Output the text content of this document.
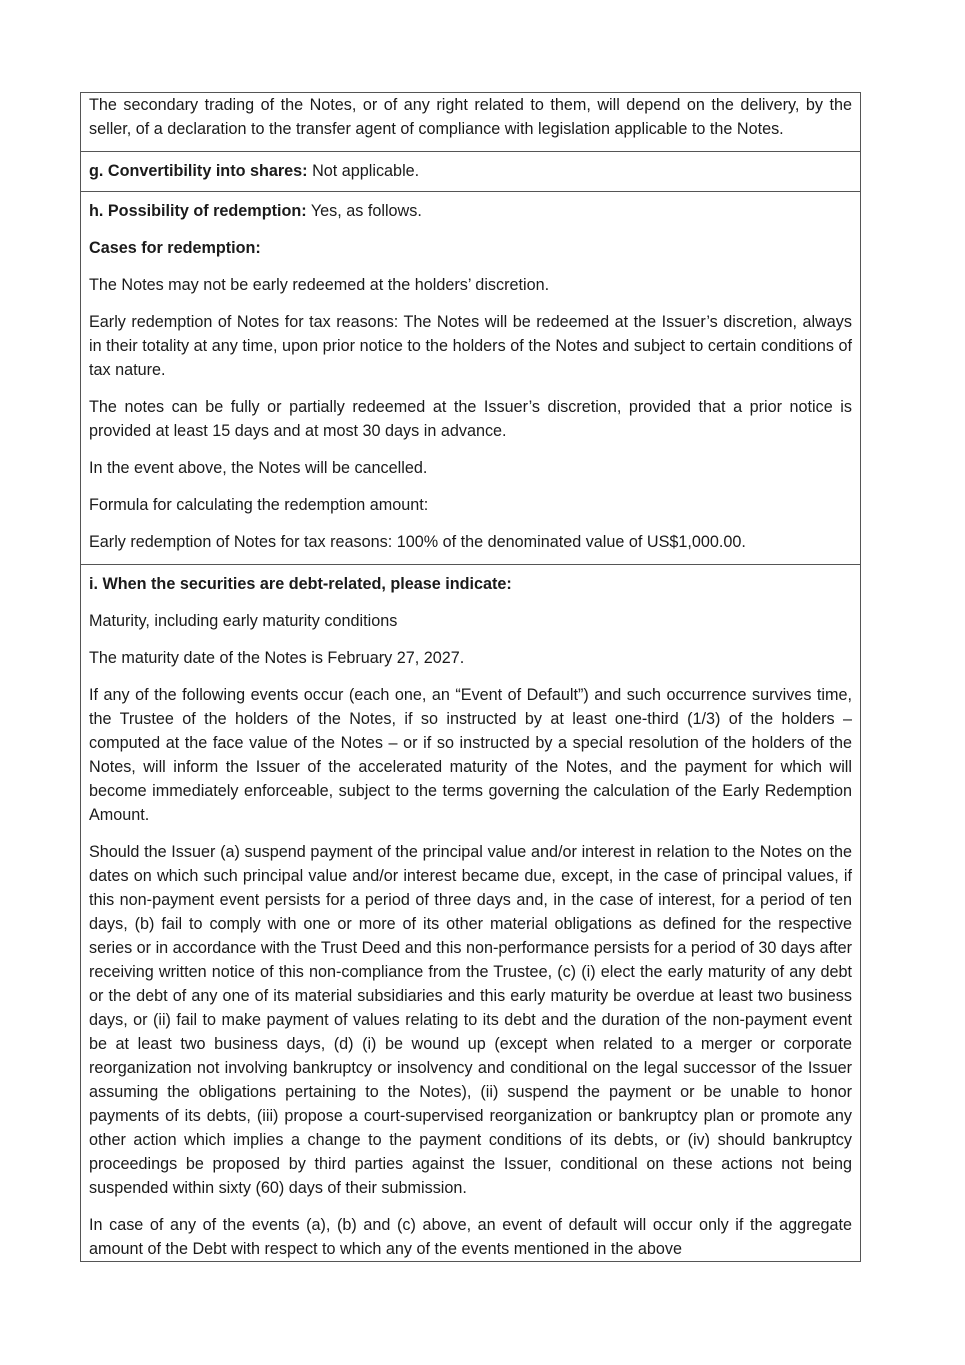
The secondary trading of the Notes, or of any right related to them, will depend on the delivery, by the seller, of a declaration to the transfer agent of compliance with legislation applicable to the Notes.

g. Convertibility into shares: Not applicable.

h. Possibility of redemption: Yes, as follows.

Cases for redemption:

The Notes may not be early redeemed at the holders’ discretion.

Early redemption of Notes for tax reasons: The Notes will be redeemed at the Issuer’s discretion, always in their totality at any time, upon prior notice to the holders of the Notes and subject to certain conditions of tax nature.

The notes can be fully or partially redeemed at the Issuer’s discretion, provided that a prior notice is provided at least 15 days and at most 30 days in advance.

In the event above, the Notes will be cancelled.

Formula for calculating the redemption amount:

Early redemption of Notes for tax reasons: 100% of the denominated value of US$1,000.00.

i. When the securities are debt-related, please indicate:

Maturity, including early maturity conditions

The maturity date of the Notes is February 27, 2027.

If any of the following events occur (each one, an “Event of Default”) and such occurrence survives time, the Trustee of the holders of the Notes, if so instructed by at least one-third (1/3) of the holders – computed at the face value of the Notes – or if so instructed by a special resolution of the holders of the Notes, will inform the Issuer of the accelerated maturity of the Notes, and the payment for which will become immediately enforceable, subject to the terms governing the calculation of the Early Redemption Amount.

Should the Issuer (a) suspend payment of the principal value and/or interest in relation to the Notes on the dates on which such principal value and/or interest became due, except, in the case of principal values, if this non-payment event persists for a period of three days and, in the case of interest, for a period of ten days, (b) fail to comply with one or more of its other material obligations as defined for the respective series or in accordance with the Trust Deed and this non-performance persists for a period of 30 days after receiving written notice of this non-compliance from the Trustee, (c) (i) elect the early maturity of any debt or the debt of any one of its material subsidiaries and this early maturity be overdue at least two business days, or (ii) fail to make payment of values relating to its debt and the duration of the non-payment event be at least two business days, (d) (i) be wound up (except when related to a merger or corporate reorganization not involving bankruptcy or insolvency and conditional on the legal successor of the Issuer assuming the obligations pertaining to the Notes), (ii) suspend the payment or be unable to honor payments of its debts, (iii) propose a court-supervised reorganization or bankruptcy plan or promote any other action which implies a change to the payment conditions of its debts, or (iv) should bankruptcy proceedings be proposed by third parties against the Issuer, conditional on these actions not being suspended within sixty (60) days of their submission.

In case of any of the events (a), (b) and (c) above, an event of default will occur only if the aggregate amount of the Debt with respect to which any of the events mentioned in the above
